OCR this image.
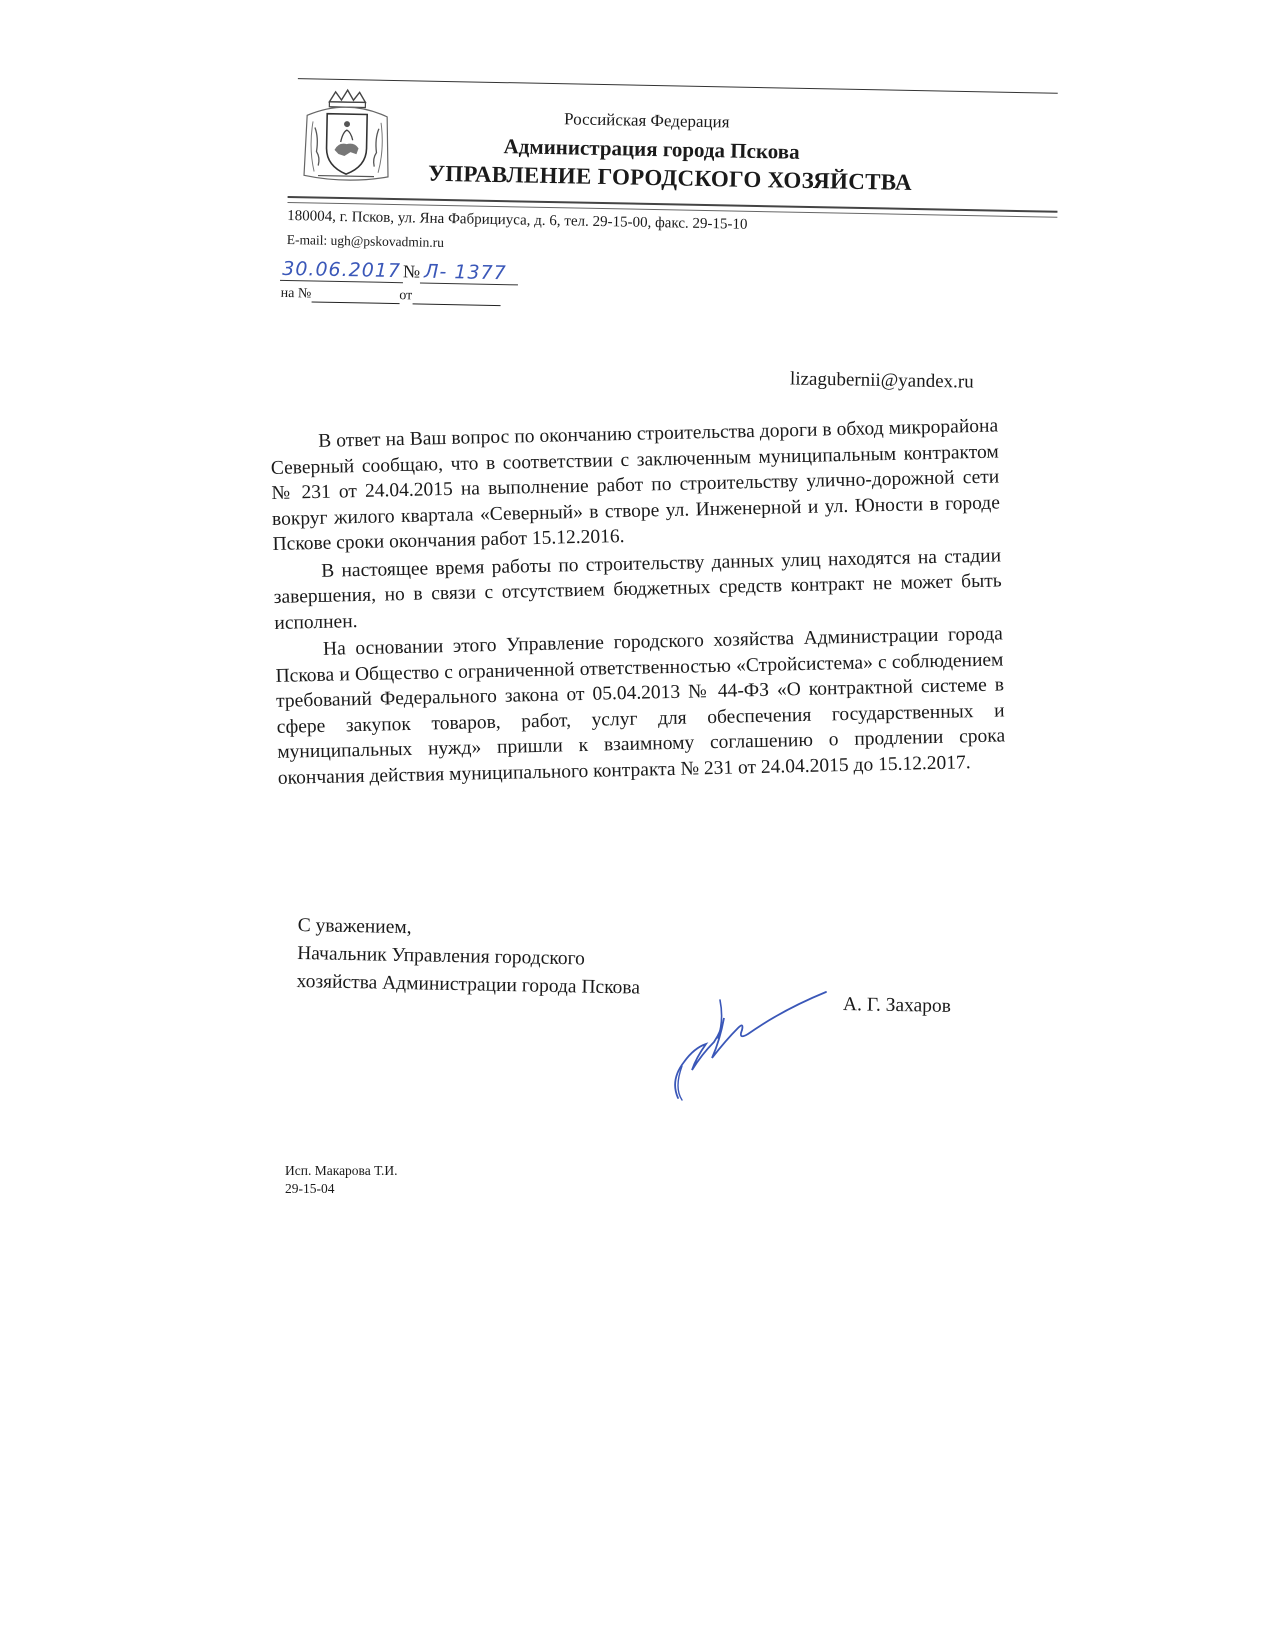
Российская Федерация
Администрация города Пскова
УПРАВЛЕНИЕ ГОРОДСКОГО ХОЗЯЙСТВА
180004, г. Псков, ул. Яна Фабрициуса, д. 6, тел. 29-15-00, факс. 29-15-10
E-mail: ugh@pskovadmin.ru
30.06.2017№ Л- 1377
на №	от
lizagubernii@yandex.ru

В ответ на Ваш вопрос по окончанию строительства дороги в обход микрорайона Северный сообщаю, что в соответствии с заключенным муниципальным контрактом № 231 от 24.04.2015 на выполнение работ по строительству улично-дорожной сети вокруг жилого квартала «Северный» в створе ул. Инженерной и ул. Юности в городе Пскове сроки окончания работ 15.12.2016.

В настоящее время работы по строительству данных улиц находятся на стадии завершения, но в связи с отсутствием бюджетных средств контракт не может быть исполнен.

На основании этого Управление городского хозяйства Администрации города Пскова и Общество с ограниченной ответственностью «Стройсистема» с соблюдением требований Федерального закона от 05.04.2013 № 44-ФЗ «О контрактной системе в сфере закупок товаров, работ, услуг для обеспечения государственных и муниципальных нужд» пришли к взаимному соглашению о продлении срока окончания действия муниципального контракта № 231 от 24.04.2015 до 15.12.2017.

С уважением,
Начальник Управления городского
хозяйства Администрации города Пскова
А. Г. Захаров
Исп. Макарова Т.И.
29-15-04
